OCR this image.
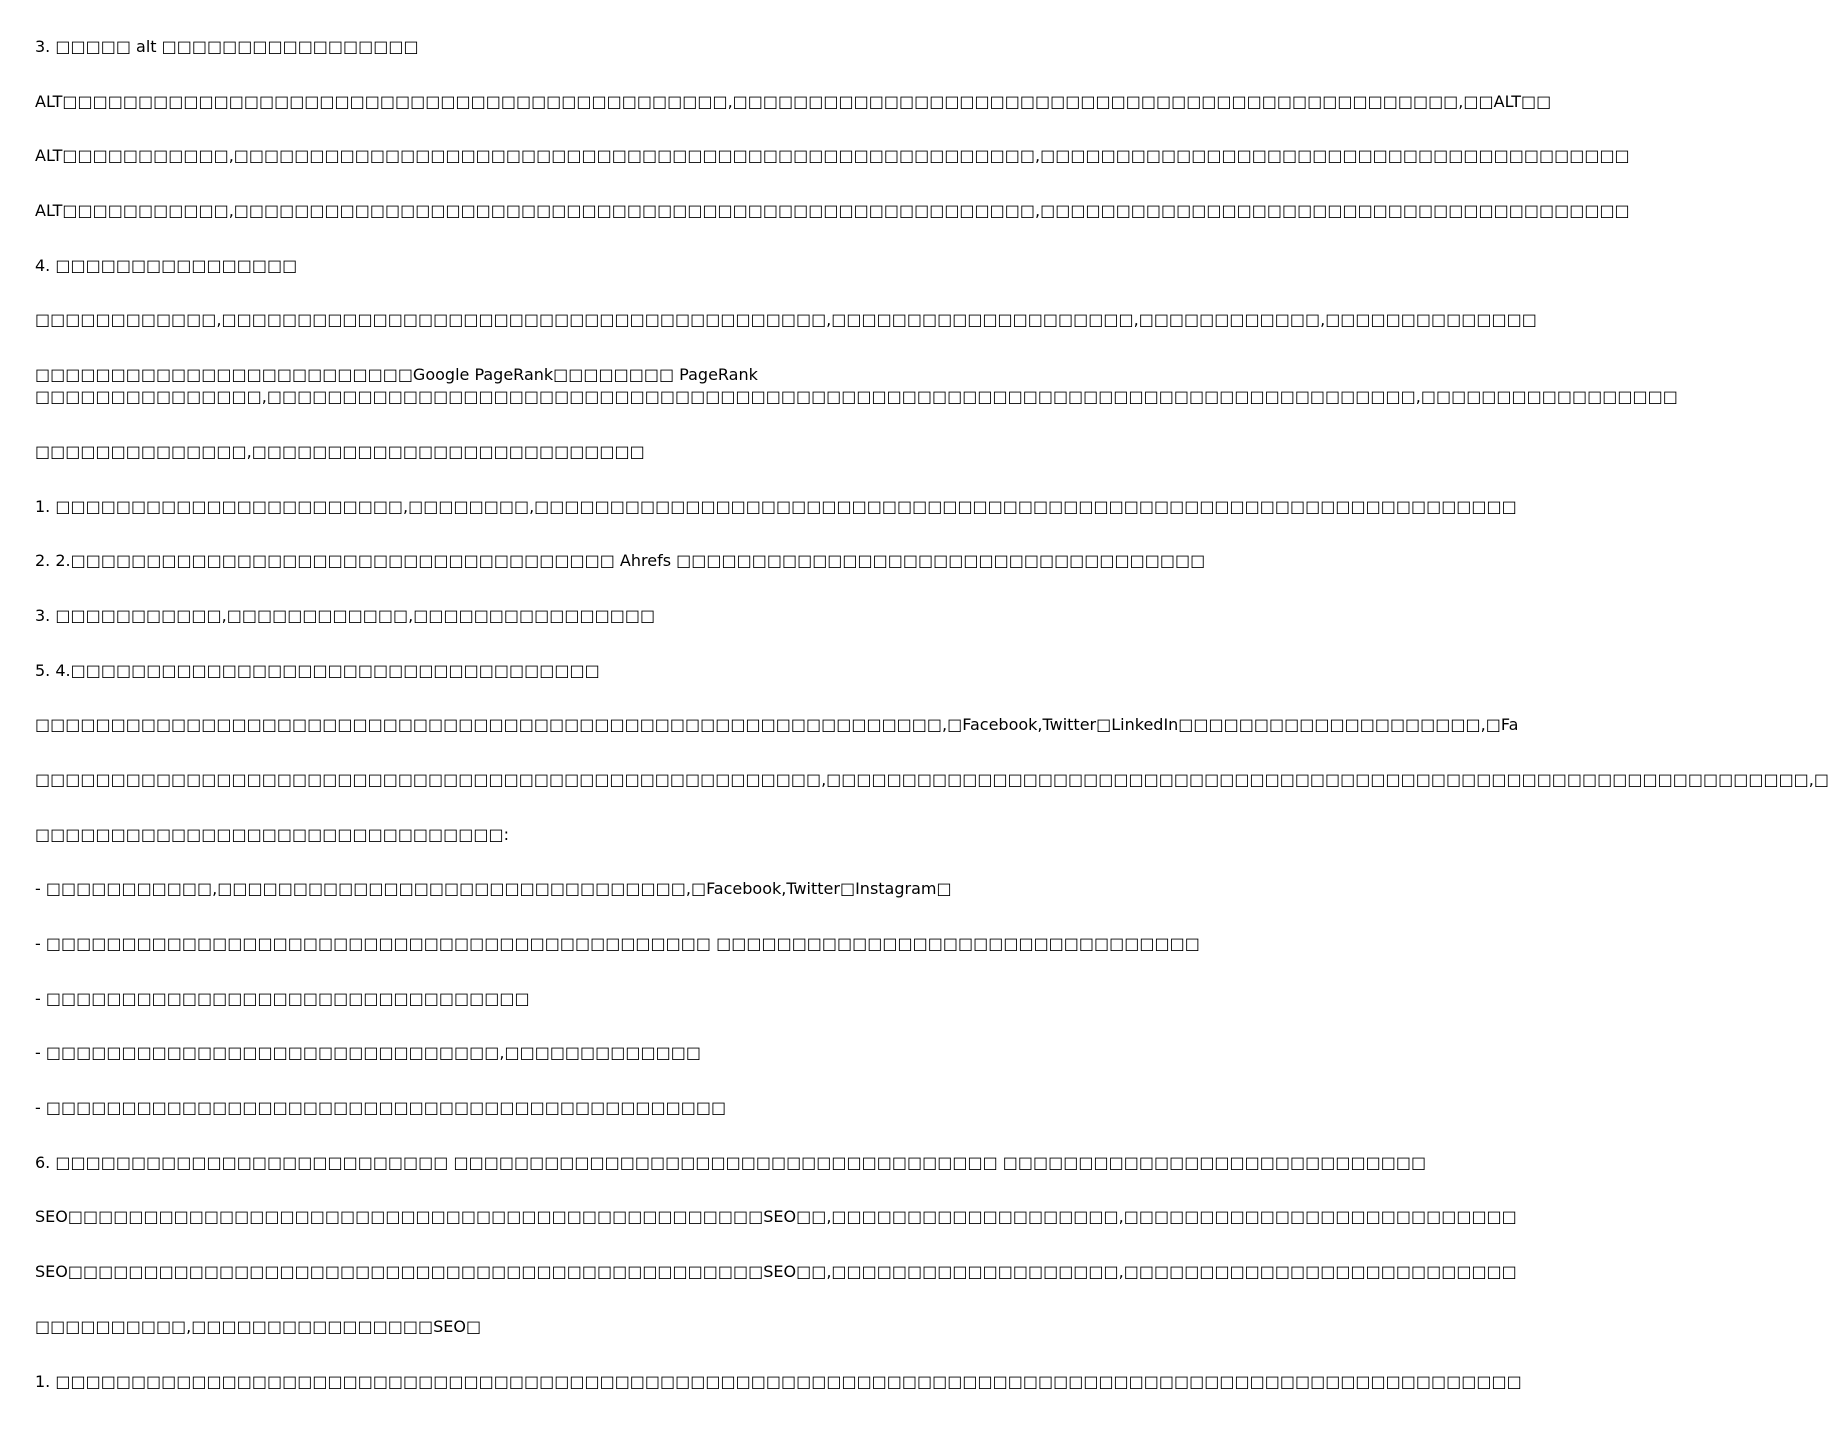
3. □□□□□ alt □□□□□□□□□□□□□□□□□

ALT□□□□□□□□□□□□□□□□□□□□□□□□□□□□□□□□□□□□□□□□□□□□,□□□□□□□□□□□□□□□□□□□□□□□□□□□□□□□□□□□□□□□□□□□□□□□□,□□ALT□□

ALT□□□□□□□□□□□,□□□□□□□□□□□□□□□□□□□□□□□□□□□□□□□□□□□□□□□□□□□□□□□□□□□□□,□□□□□□□□□□□□□□□□□□□□□□□□□□□□□□□□□□□□□□□

ALT□□□□□□□□□□□,□□□□□□□□□□□□□□□□□□□□□□□□□□□□□□□□□□□□□□□□□□□□□□□□□□□□□,□□□□□□□□□□□□□□□□□□□□□□□□□□□□□□□□□□□□□□□

4. □□□□□□□□□□□□□□□□

□□□□□□□□□□□□,□□□□□□□□□□□□□□□□□□□□□□□□□□□□□□□□□□□□□□□□,□□□□□□□□□□□□□□□□□□□□,□□□□□□□□□□□□,□□□□□□□□□□□□□□

□□□□□□□□□□□□□□□□□□□□□□□□□Google PageRank□□□□□□□□ PageRank □□□□□□□□□□□□□□□,□□□□□□□□□□□□□□□□□□□□□□□□□□□□□□□□□□□□□□□□□□□□□□□□□□□□□□□□□□□□□□□□□□□□□□□□□□□□,□□□□□□□□□□□□□□□□□

□□□□□□□□□□□□□□,□□□□□□□□□□□□□□□□□□□□□□□□□□

1. □□□□□□□□□□□□□□□□□□□□□□□,□□□□□□□□,□□□□□□□□□□□□□□□□□□□□□□□□□□□□□□□□□□□□□□□□□□□□□□□□□□□□□□□□□□□□□□□□□

2. 2.□□□□□□□□□□□□□□□□□□□□□□□□□□□□□□□□□□□□ Ahrefs □□□□□□□□□□□□□□□□□□□□□□□□□□□□□□□□□□□

3. □□□□□□□□□□□,□□□□□□□□□□□□,□□□□□□□□□□□□□□□□

5. 4.□□□□□□□□□□□□□□□□□□□□□□□□□□□□□□□□□□□

□□□□□□□□□□□□□□□□□□□□□□□□□□□□□□□□□□□□□□□□□□□□□□□□□□□□□□□□□□□□,□Facebook,Twitter□LinkedIn□□□□□□□□□□□□□□□□□□□□,□Fa

□□□□□□□□□□□□□□□□□□□□□□□□□□□□□□□□□□□□□□□□□□□□□□□□□□□□,□□□□□□□□□□□□□□□□□□□□□□□□□□□□□□□□□□□□□□□□□□□□□□□□□□□□□□□□□□□□□□□□□,□

□□□□□□□□□□□□□□□□□□□□□□□□□□□□□□□:

- □□□□□□□□□□□,□□□□□□□□□□□□□□□□□□□□□□□□□□□□□□□,□Facebook,Twitter□Instagram□

- □□□□□□□□□□□□□□□□□□□□□□□□□□□□□□□□□□□□□□□□□□□□ □□□□□□□□□□□□□□□□□□□□□□□□□□□□□□□□

- □□□□□□□□□□□□□□□□□□□□□□□□□□□□□□□□

- □□□□□□□□□□□□□□□□□□□□□□□□□□□□□□,□□□□□□□□□□□□□

- □□□□□□□□□□□□□□□□□□□□□□□□□□□□□□□□□□□□□□□□□□□□□

6. □□□□□□□□□□□□□□□□□□□□□□□□□□ □□□□□□□□□□□□□□□□□□□□□□□□□□□□□□□□□□□□ □□□□□□□□□□□□□□□□□□□□□□□□□□□□

SEO□□□□□□□□□□□□□□□□□□□□□□□□□□□□□□□□□□□□□□□□□□□□□□SEO□□,□□□□□□□□□□□□□□□□□□□,□□□□□□□□□□□□□□□□□□□□□□□□□□

SEO□□□□□□□□□□□□□□□□□□□□□□□□□□□□□□□□□□□□□□□□□□□□□□SEO□□,□□□□□□□□□□□□□□□□□□□,□□□□□□□□□□□□□□□□□□□□□□□□□□

□□□□□□□□□□,□□□□□□□□□□□□□□□□SEO□

1. □□□□□□□□□□□□□□□□□□□□□□□□□□□□□□□□□□□□□□□□□□□□□□□□□□□□□□□□□□□□□□□□□□□□□□□□□□□□□□□□□□□□□□□□□□□□□□□□□
